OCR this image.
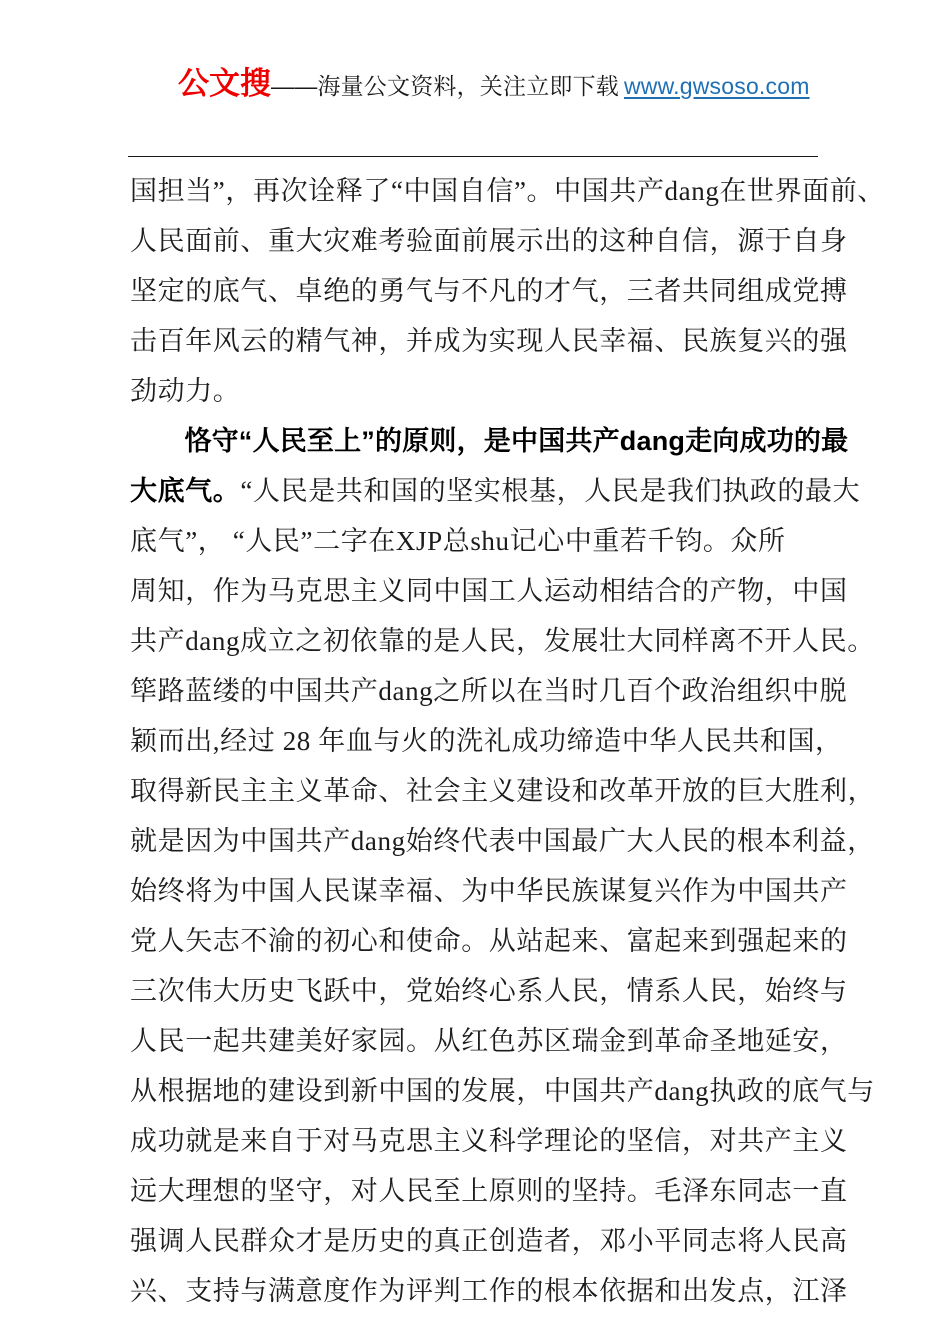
公文搜 ——海量公文资料，关注立即下载 www.gwsoso.com
国担当”，再次诠释了“中国自信”。中国共产dang在世界面前、
人民面前、重大灾难考验面前展示出的这种自信，源于自身
坚定的底气、卓绝的勇气与不凡的才气，三者共同组成党搏
击百年风云的精气神，并成为实现人民幸福、民族复兴的强
劲动力。
　　恪守“人民至上”的原则，是中国共产dang走向成功的最
大底气。“人民是共和国的坚实根基，人民是我们执政的最大
底气”， “人民”二字在XJP总shu记心中重若千钧。众所
周知，作为马克思主义同中国工人运动相结合的产物，中国
共产dang成立之初依靠的是人民，发展壮大同样离不开人民。
筚路蓝缕的中国共产dang之所以在当时几百个政治组织中脱
颖而出,经过 28 年血与火的洗礼成功缔造中华人民共和国，
取得新民主主义革命、社会主义建设和改革开放的巨大胜利，
就是因为中国共产dang始终代表中国最广大人民的根本利益，
始终将为中国人民谋幸福、为中华民族谋复兴作为中国共产
党人矢志不渝的初心和使命。从站起来、富起来到强起来的
三次伟大历史飞跃中，党始终心系人民，情系人民，始终与
人民一起共建美好家园。从红色苏区瑞金到革命圣地延安，
从根据地的建设到新中国的发展，中国共产dang执政的底气与
成功就是来自于对马克思主义科学理论的坚信，对共产主义
远大理想的坚守，对人民至上原则的坚持。毛泽东同志一直
强调人民群众才是历史的真正创造者，邓小平同志将人民高
兴、支持与满意度作为评判工作的根本依据和出发点，江泽
